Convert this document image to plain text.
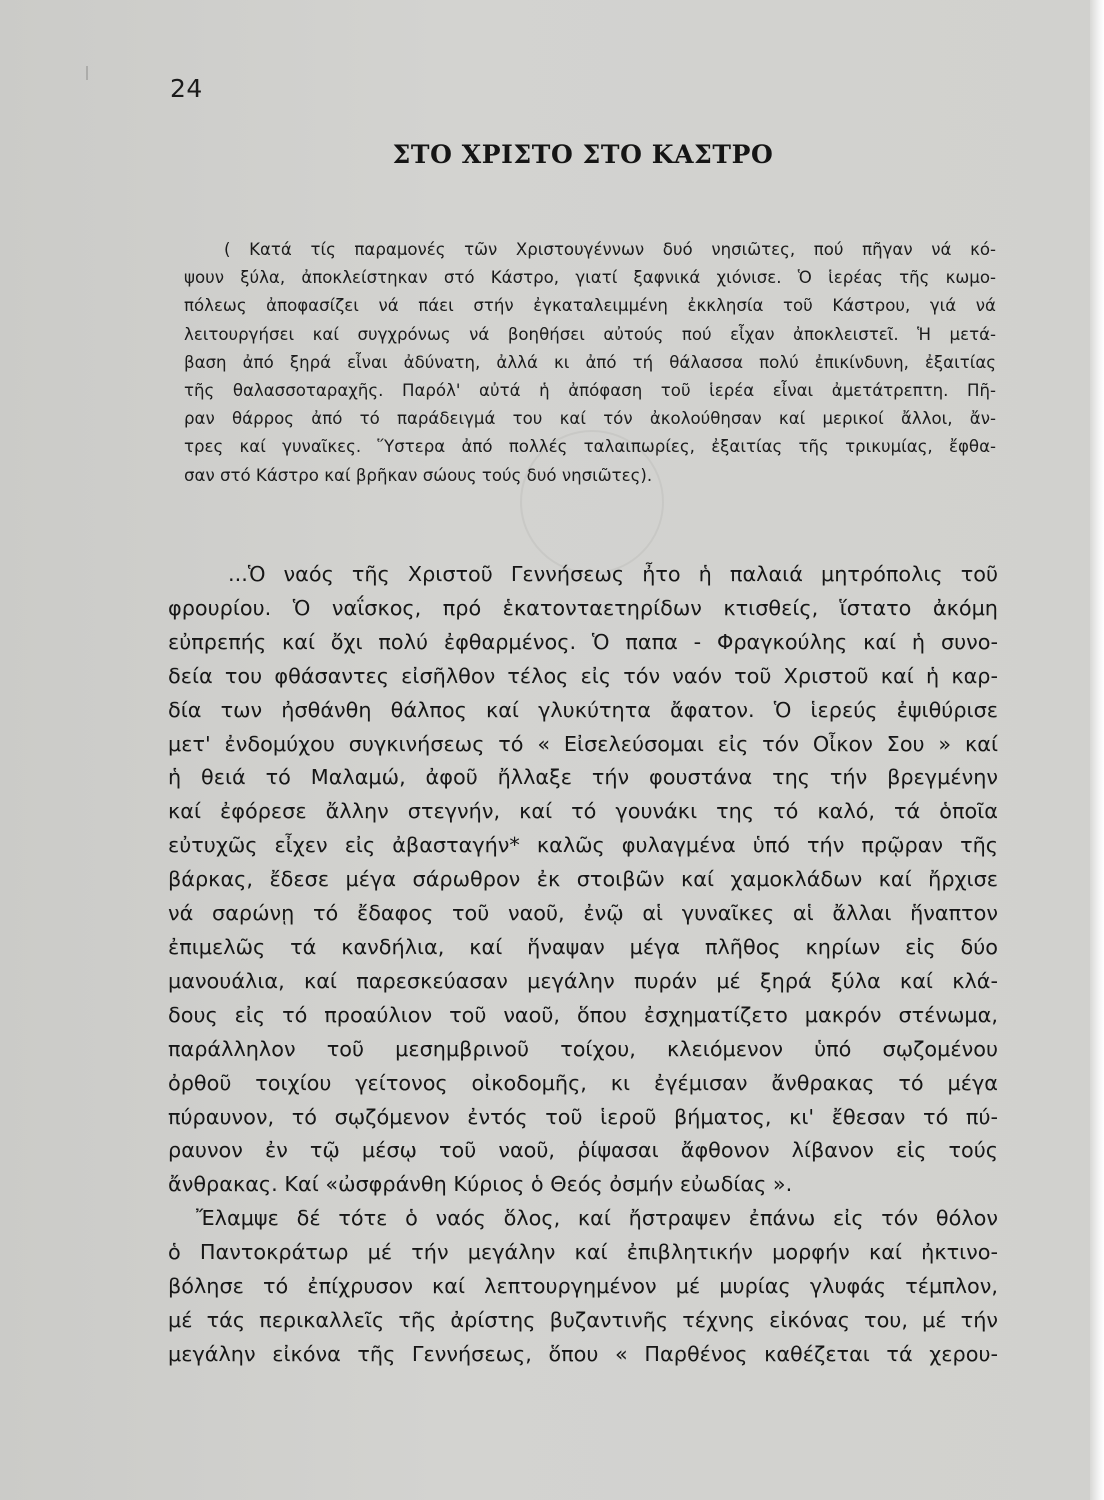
24
ΣΤΟ ΧΡΙΣΤΟ ΣΤΟ ΚΑΣΤΡΟ
( Κατά τίς παραμονές τῶν Χριστουγέννων δυό νησιῶτες, πού πῆγαν νά κό-
ψουν ξύλα, ἀποκλείστηκαν στό Κάστρο, γιατί ξαφνικά χιόνισε. Ὁ ἱερέας τῆς κωμο-
πόλεως ἀποφασίζει νά πάει στήν ἐγκαταλειμμένη ἐκκλησία τοῦ Κάστρου, γιά νά
λειτουργήσει καί συγχρόνως νά βοηθήσει αὐτούς πού εἶχαν ἀποκλειστεῖ. Ἡ μετά-
βαση ἀπό ξηρά εἶναι ἀδύνατη, ἀλλά κι ἀπό τή θάλασσα πολύ ἐπικίνδυνη, ἐξαιτίας
τῆς θαλασσοταραχῆς. Παρόλ' αὐτά ἡ ἀπόφαση τοῦ ἱερέα εἶναι ἀμετάτρεπτη. Πῆ-
ραν θάρρος ἀπό τό παράδειγμά του καί τόν ἀκολούθησαν καί μερικοί ἄλλοι, ἄν-
τρες καί γυναῖκες. Ὕστερα ἀπό πολλές ταλαιπωρίες, ἐξαιτίας τῆς τρικυμίας, ἔφθα-
σαν στό Κάστρο καί βρῆκαν σώους τούς δυό νησιῶτες).
...Ὁ ναός τῆς Χριστοῦ Γεννήσεως ἦτο ἡ παλαιά μητρόπολις τοῦ
φρουρίου. Ὁ ναΐσκος, πρό ἑκατονταετηρίδων κτισθείς, ἵστατο ἀκόμη
εὐπρεπής καί ὄχι πολύ ἐφθαρμένος. Ὁ παπα - Φραγκούλης καί ἡ συνο-
δεία του φθάσαντες εἰσῆλθον τέλος εἰς τόν ναόν τοῦ Χριστοῦ καί ἡ καρ-
δία των ἠσθάνθη θάλπος καί γλυκύτητα ἄφατον. Ὁ ἱερεύς ἐψιθύρισε
μετ' ἐνδομύχου συγκινήσεως τό « Εἰσελεύσομαι εἰς τόν Οἶκον Σου » καί
ἡ θειά τό Μαλαμώ, ἀφοῦ ἤλλαξε τήν φουστάνα της τήν βρεγμένην
καί ἐφόρεσε ἄλλην στεγνήν, καί τό γουνάκι της τό καλό, τά ὁποῖα
εὐτυχῶς εἶχεν εἰς ἀβασταγήν* καλῶς φυλαγμένα ὑπό τήν πρῷραν τῆς
βάρκας, ἔδεσε μέγα σάρωθρον ἐκ στοιβῶν καί χαμοκλάδων καί ἤρχισε
νά σαρώνῃ τό ἔδαφος τοῦ ναοῦ, ἐνῷ αἱ γυναῖκες αἱ ἄλλαι ἥναπτον
ἐπιμελῶς τά κανδήλια, καί ἥναψαν μέγα πλῆθος κηρίων εἰς δύο
μανουάλια, καί παρεσκεύασαν μεγάλην πυράν μέ ξηρά ξύλα καί κλά-
δους εἰς τό προαύλιον τοῦ ναοῦ, ὅπου ἐσχηματίζετο μακρόν στένωμα,
παράλληλον τοῦ μεσημβρινοῦ τοίχου, κλειόμενον ὑπό σῳζομένου
ὀρθοῦ τοιχίου γείτονος οἰκοδομῆς, κι ἐγέμισαν ἄνθρακας τό μέγα
πύραυνον, τό σῳζόμενον ἐντός τοῦ ἱεροῦ βήματος, κι' ἔθεσαν τό πύ-
ραυνον ἐν τῷ μέσῳ τοῦ ναοῦ, ῥίψασαι ἄφθονον λίβανον εἰς τούς
ἄνθρακας. Καί «ὠσφράνθη Κύριος ὁ Θεός ὀσμήν εὐωδίας ».
Ἔλαμψε δέ τότε ὁ ναός ὅλος, καί ἤστραψεν ἐπάνω εἰς τόν θόλον
ὁ Παντοκράτωρ μέ τήν μεγάλην καί ἐπιβλητικήν μορφήν καί ἠκτινο-
βόλησε τό ἐπίχρυσον καί λεπτουργημένον μέ μυρίας γλυφάς τέμπλον,
μέ τάς περικαλλεῖς τῆς ἀρίστης βυζαντινῆς τέχνης εἰκόνας του, μέ τήν
μεγάλην εἰκόνα τῆς Γεννήσεως, ὅπου « Παρθένος καθέζεται τά χερου-
